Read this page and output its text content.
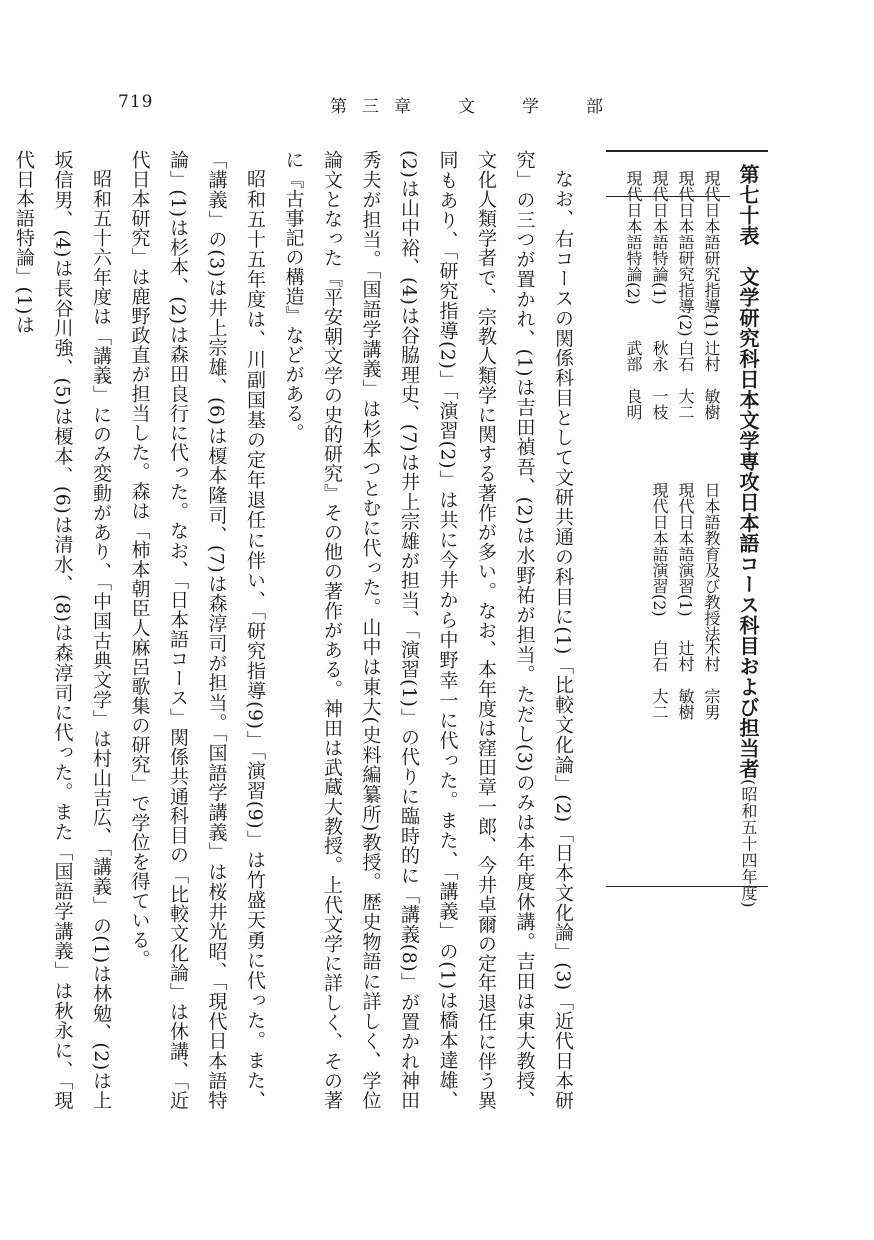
719	第三章　文　学　部
第七十表　文学研究科日本文学専攻日本語コース科目および担当者(昭和五十四年度)
現代日本語研究指導(1)辻村　敏樹
現代日本語研究指導(2)白石　大二
現代日本語特論(1)秋永　一枝
現代日本語特論(2)武部　良明
日本語教育及び教授法木村　宗男
現代日本語演習(1)辻村　敏樹
現代日本語演習(2)白石　大二

なお、右コースの関係科目として文研共通の科目に(1)「比較文化論」(2)「日本文化論」(3)「近代日本研究」の三つが置かれ、(1)は吉田禎吾、(2)は水野祐が担当。ただし(3)のみは本年度休講。吉田は東大教授、文化人類学者で、宗教人類学に関する著作が多い。なお、本年度は窪田章一郎、今井卓爾の定年退任に伴う異同もあり、「研究指導(2)」「演習(2)」は共に今井から中野幸一に代った。また、「講義」の(1)は橋本達雄、(2)は山中裕、(4)は谷脇理史、(7)は井上宗雄が担当、「演習(1)」の代りに臨時的に「講義(8)」が置かれ神田秀夫が担当。「国語学講義」は杉本つとむに代った。山中は東大(史料編纂所)教授。歴史物語に詳しく、学位論文となった『平安朝文学の史的研究』その他の著作がある。神田は武蔵大教授。上代文学に詳しく、その著に『古事記の構造』などがある。

昭和五十五年度は、川副国基の定年退任に伴い、「研究指導(9)」「演習(9)」は竹盛天勇に代った。また、「講義」の(3)は井上宗雄、(6)は榎本隆司、(7)は森淳司が担当。「国語学講義」は桜井光昭、「現代日本語特論」(1)は杉本、(2)は森田良行に代った。なお、「日本語コース」関係共通科目の「比較文化論」は休講、「近代日本研究」は鹿野政直が担当した。森は「柿本朝臣人麻呂歌集の研究」で学位を得ている。

昭和五十六年度は「講義」にのみ変動があり、「中国古典文学」は村山吉広、「講義」の(1)は林勉、(2)は上坂信男、(4)は長谷川強、(5)は榎本、(6)は清水、(8)は森淳司に代った。また「国語学講義」は秋永に、「現代日本語特論」(1)は
